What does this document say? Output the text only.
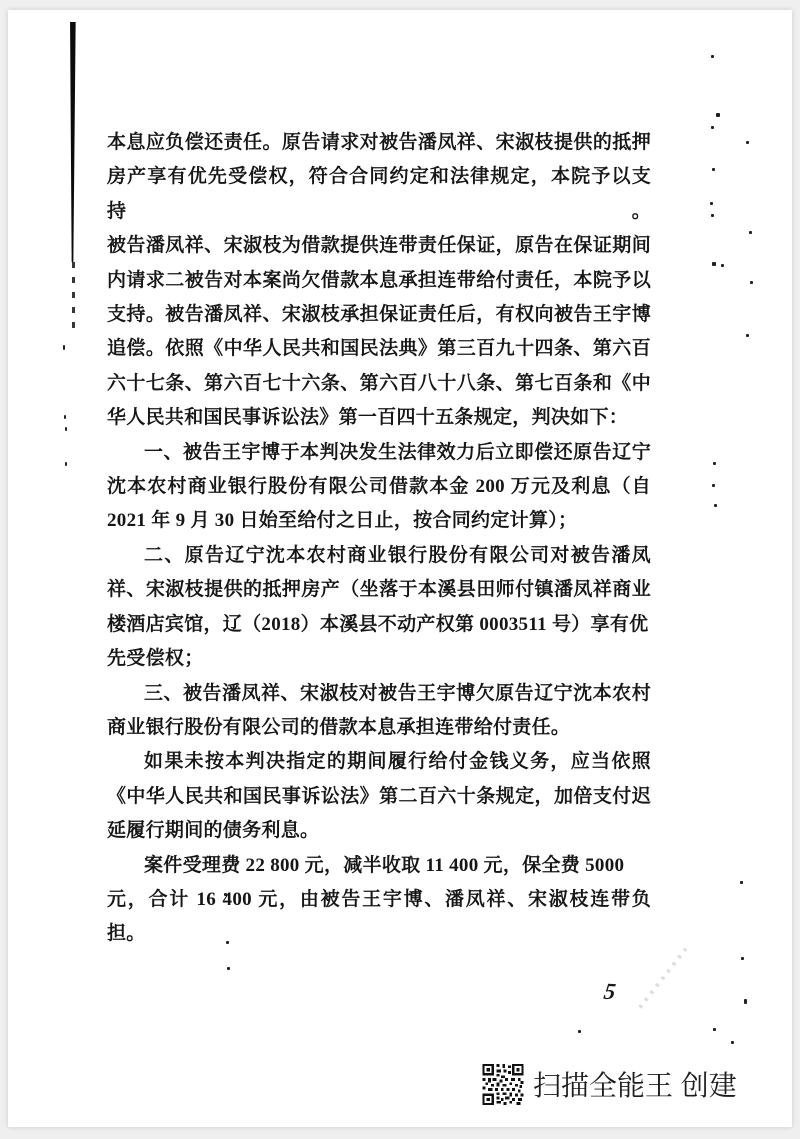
本息应负偿还责任。原告请求对被告潘凤祥、宋淑枝提供的抵押
房产享有优先受偿权，符合合同约定和法律规定，本院予以支持。
被告潘凤祥、宋淑枝为借款提供连带责任保证，原告在保证期间
内请求二被告对本案尚欠借款本息承担连带给付责任，本院予以
支持。被告潘凤祥、宋淑枝承担保证责任后，有权向被告王宇博
追偿。依照《中华人民共和国民法典》第三百九十四条、第六百
六十七条、第六百七十六条、第六百八十八条、第七百条和《中
华人民共和国民事诉讼法》第一百四十五条规定，判决如下：
一、被告王宇博于本判决发生法律效力后立即偿还原告辽宁
沈本农村商业银行股份有限公司借款本金 200 万元及利息（自
2021 年 9 月 30 日始至给付之日止，按合同约定计算）；
二、原告辽宁沈本农村商业银行股份有限公司对被告潘凤
祥、宋淑枝提供的抵押房产（坐落于本溪县田师付镇潘凤祥商业
楼酒店宾馆，辽（2018）本溪县不动产权第 0003511 号）享有优
先受偿权；
三、被告潘凤祥、宋淑枝对被告王宇博欠原告辽宁沈本农村
商业银行股份有限公司的借款本息承担连带给付责任。
如果未按本判决指定的期间履行给付金钱义务，应当依照
《中华人民共和国民事诉讼法》第二百六十条规定，加倍支付迟
延履行期间的债务利息。
案件受理费 22 800 元，减半收取 11 400 元，保全费 5000
元，合计 16 400 元，由被告王宇博、潘凤祥、宋淑枝连带负担。
5
扫描全能王 创建
